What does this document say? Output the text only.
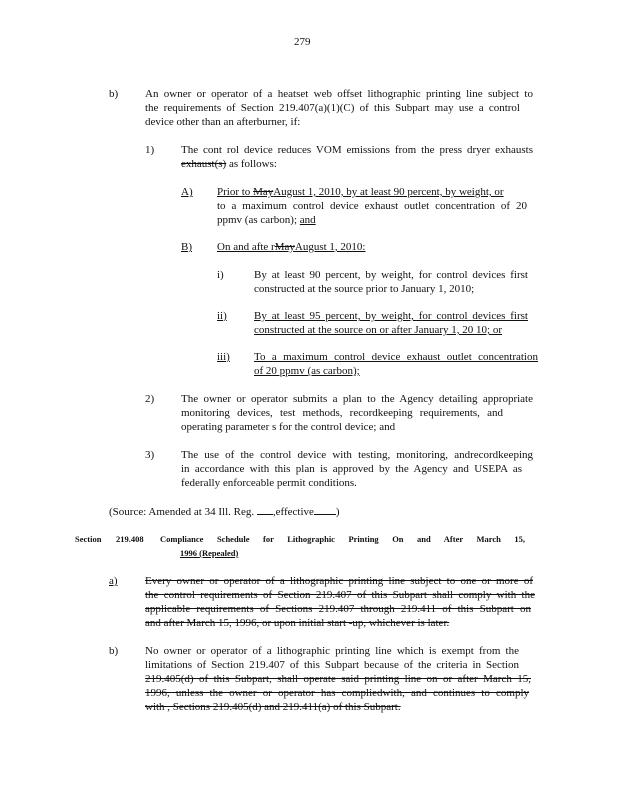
279
b) An owner or operator of a heatset web offset lithographic printing line subject to
the requirements of Section 219.407(a)(1)(C) of this Subpart may use a control
device other than an afterburner, if:
1) The cont rol device reduces VOM emissions from the press dryer exhausts
exhaust(s) as follows:
A) Prior to MayAugust 1, 2010, by at least 90 percent, by weight, or
to a maximum control device exhaust outlet concentration of 20
ppmv (as carbon); and
B) On and afte rMayAugust 1, 2010:
i)	By at least 90 percent, by weight, for control devices first
constructed at the source prior to January 1, 2010;
ii) By at least 95 percent, by weight, for control devices first
constructed at the source on or after January 1, 20 10; or
iii) To a maximum control device exhaust outlet concentration
of 20 ppmv (as carbon);
2) The owner or operator submits a plan to the Agency detailing appropriate
monitoring devices, test methods, recordkeeping requirements, and
operating parameter s for the control device; and
3) The use of the control device with testing, monitoring, andrecordkeeping
in accordance with this plan is approved by the Agency and USEPA as
federally enforceable permit conditions.
(Source: Amended at 34 Ill. Reg. ,effective )
Section 219.408 Compliance Schedule for Lithographic Printing On and After March 15,
1996 (Repealed)
a) Every owner or operator of a lithographic printing line subject to one or more of
the control requirements of Section 219.407 of this Subpart shall comply with the
applicable requirements of Sections 219.407 through 219.411 of this Subpart on
and after March 15, 1996, or upon initial start -up, whichever is later.
b) No owner or operator of a lithographic printing line which is exempt from the
limitations of Section 219.407 of this Subpart because of the criteria in Section
219.405(d) of this Subpart, shall operate said printing line on or after March 15,
1996, unless the owner or operator has compliedwith, and continues to comply
with , Sections 219.405(d) and 219.411(a) of this Subpart.
